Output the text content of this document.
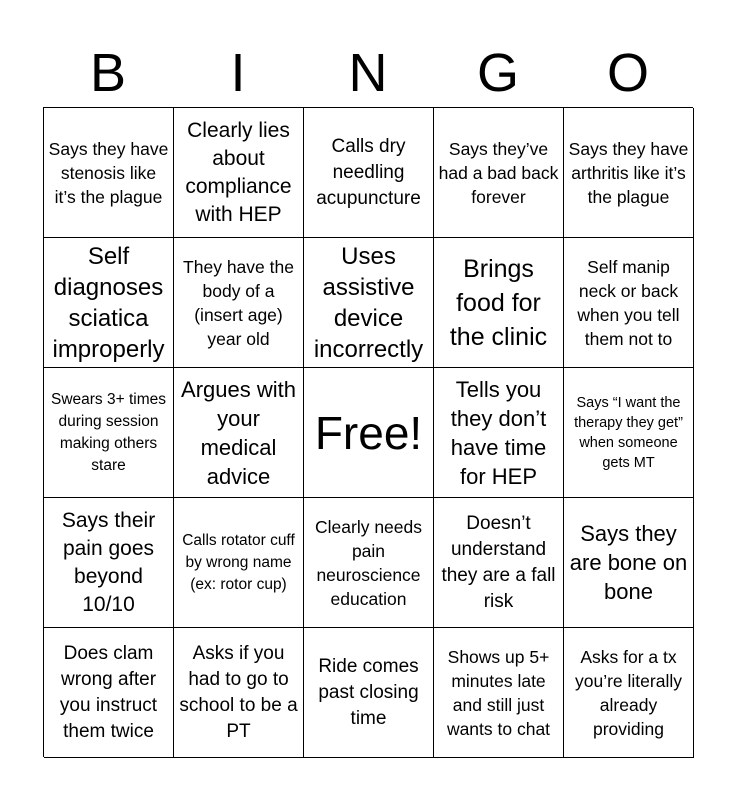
B	I	N	G	O
Says they have stenosis like it’s the plague
Clearly lies about compliance with HEP
Calls dry needling acupuncture
Says they’ve had a bad back forever
Says they have arthritis like it’s the plague
Self diagnoses sciatica improperly
They have the body of a (insert age) year old
Uses assistive device incorrectly
Brings food for the clinic
Self manip neck or back when you tell them not to
Swears 3+ times during session making others stare
Argues with your medical advice
Free!
Tells you they don’t have time for HEP
Says “I want the therapy they get” when someone gets MT
Says their pain goes beyond 10/10
Calls rotator cuff by wrong name (ex: rotor cup)
Clearly needs pain neuroscience education
Doesn’t understand they are a fall risk
Says they are bone on bone
Does clam wrong after you instruct them twice
Asks if you had to go to school to be a PT
Ride comes past closing time
Shows up 5+ minutes late and still just wants to chat
Asks for a tx you’re literally already providing
